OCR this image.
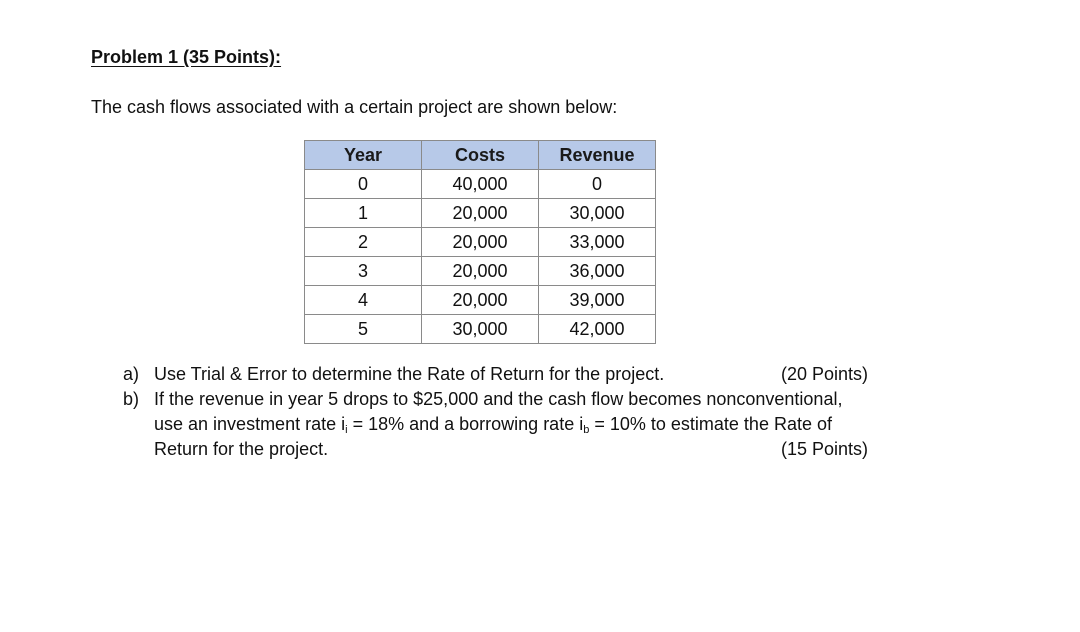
Problem 1 (35 Points):
The cash flows associated with a certain project are shown below:
Year	Costs	Revenue
0	40,000	0
1	20,000	30,000
2	20,000	33,000
3	20,000	36,000
4	20,000	39,000
5	30,000	42,000
a) Use Trial & Error to determine the Rate of Return for the project.	(20 Points)
b) If the revenue in year 5 drops to $25,000 and the cash flow becomes nonconventional,
use an investment rate $i_i = 18\%$ and a borrowing rate $i_b = 10\%$ to estimate the Rate of
Return for the project.	(15 Points)
